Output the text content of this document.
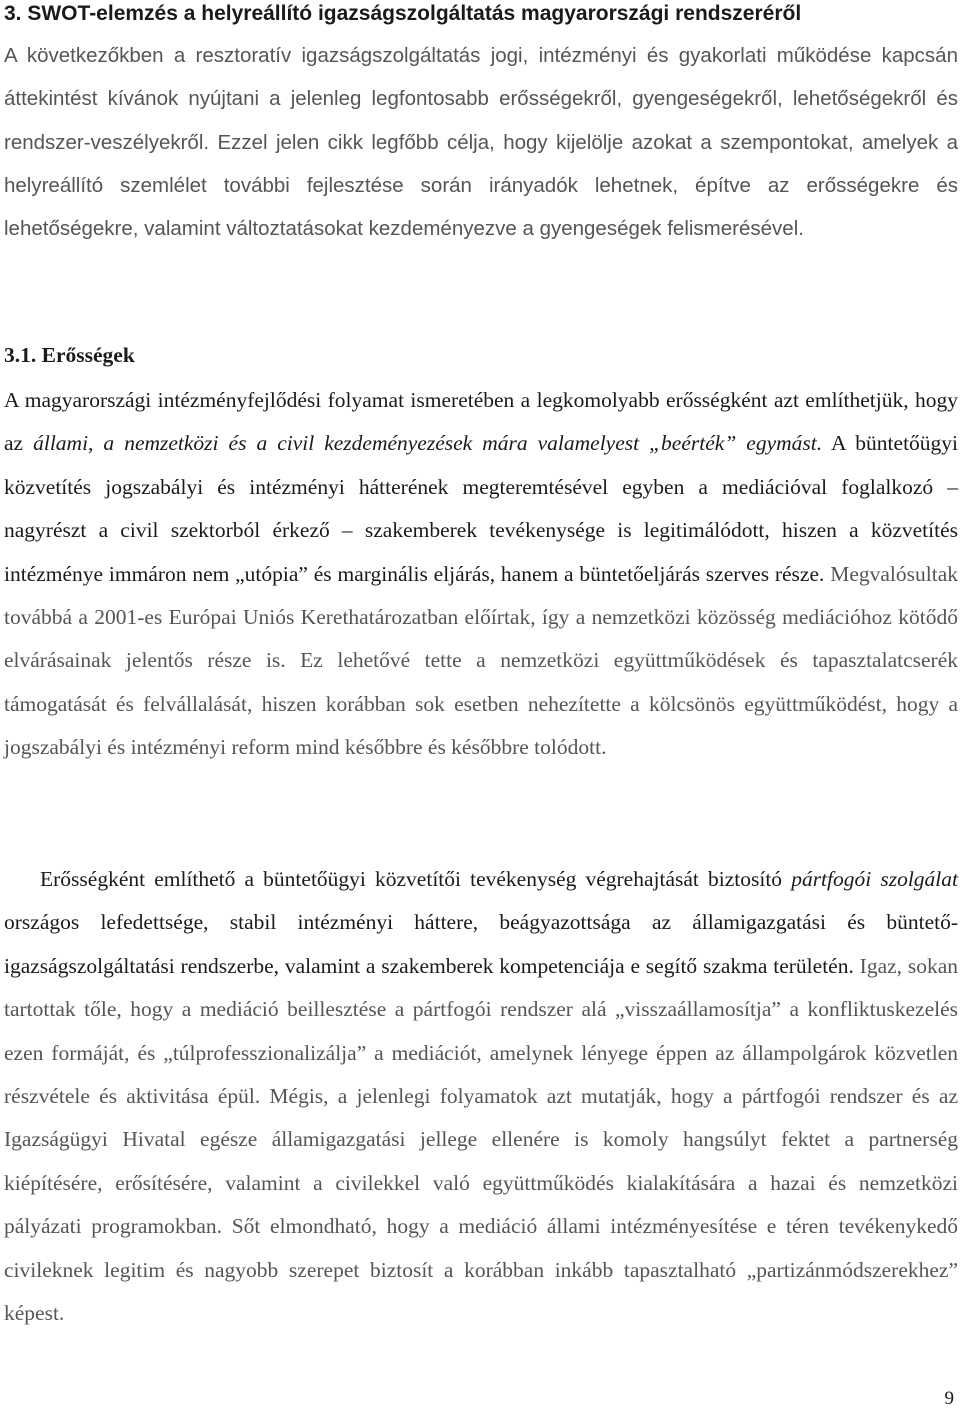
3. SWOT-elemzés a helyreállító igazságszolgáltatás magyarországi rendszeréről

A következőkben a resztoratív igazságszolgáltatás jogi, intézményi és gyakorlati működése kapcsán áttekintést kívánok nyújtani a jelenleg legfontosabb erősségekről, gyengeségekről, lehetőségekről és rendszer-veszélyekről. Ezzel jelen cikk legfőbb célja, hogy kijelölje azokat a szempontokat, amelyek a helyreállító szemlélet további fejlesztése során irányadók lehetnek, építve az erősségekre és lehetőségekre, valamint változtatásokat kezdeményezve a gyengeségek felismerésével.

3.1. Erősségek

A magyarországi intézményfejlődési folyamat ismeretében a legkomolyabb erősségként azt említhetjük, hogy az állami, a nemzetközi és a civil kezdeményezések mára valamelyest „beérték” egymást. A büntetőügyi közvetítés jogszabályi és intézményi hátterének megteremtésével egyben a mediációval foglalkozó – nagyrészt a civil szektorból érkező – szakemberek tevékenysége is legitimálódott, hiszen a közvetítés intézménye immáron nem „utópia” és marginális eljárás, hanem a büntetőeljárás szerves része. Megvalósultak továbbá a 2001-es Európai Uniós Kerethatározatban előírtak, így a nemzetközi közösség mediációhoz kötődő elvárásainak jelentős része is. Ez lehetővé tette a nemzetközi együttműködések és tapasztalatcserék támogatását és felvállalását, hiszen korábban sok esetben nehezítette a kölcsönös együttműködést, hogy a jogszabályi és intézményi reform mind későbbre és későbbre tolódott.

Erősségként említhető a büntetőügyi közvetítői tevékenység végrehajtását biztosító pártfogói szolgálat országos lefedettsége, stabil intézményi háttere, beágyazottsága az államigazgatási és büntető-igazságszolgáltatási rendszerbe, valamint a szakemberek kompetenciája e segítő szakma területén. Igaz, sokan tartottak tőle, hogy a mediáció beillesztése a pártfogói rendszer alá „visszaállamosítja” a konfliktuskezelés ezen formáját, és „túlprofesszionalizálja” a mediációt, amelynek lényege éppen az állampolgárok közvetlen részvétele és aktivitása épül. Mégis, a jelenlegi folyamatok azt mutatják, hogy a pártfogói rendszer és az Igazságügyi Hivatal egésze államigazgatási jellege ellenére is komoly hangsúlyt fektet a partnerség kiépítésére, erősítésére, valamint a civilekkel való együttműködés kialakítására a hazai és nemzetközi pályázati programokban. Sőt elmondható, hogy a mediáció állami intézményesítése e téren tevékenykedő civileknek legitim és nagyobb szerepet biztosít a korábban inkább tapasztalható „partizánmódszerekhez” képest.

9
